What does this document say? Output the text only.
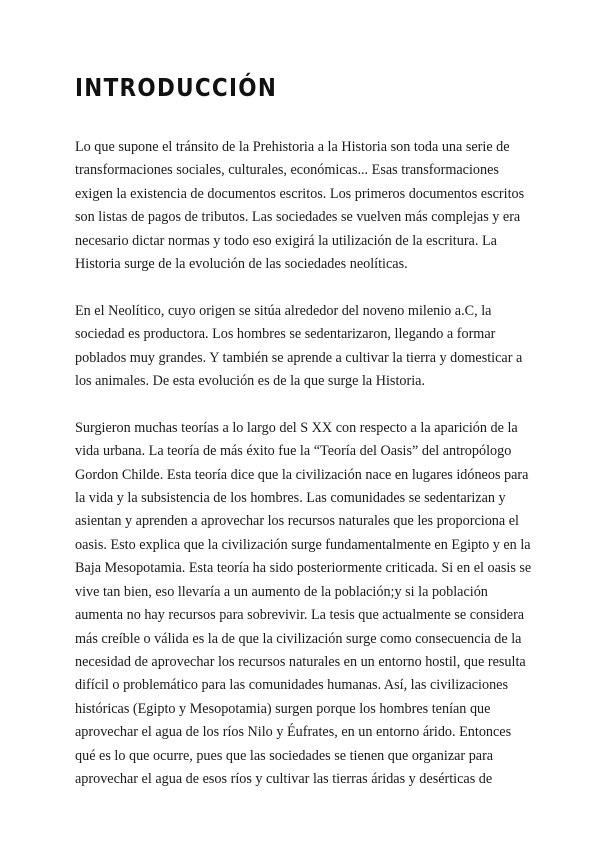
INTRODUCCIÓN

Lo que supone el tránsito de la Prehistoria a la Historia son toda una serie de
transformaciones sociales, culturales, económicas... Esas transformaciones
exigen la existencia de documentos escritos. Los primeros documentos escritos
son listas de pagos de tributos. Las sociedades se vuelven más complejas y era
necesario dictar normas y todo eso exigirá la utilización de la escritura. La
Historia surge de la evolución de las sociedades neolíticas.

En el Neolítico, cuyo origen se sitúa alrededor del noveno milenio a.C, la
sociedad es productora. Los hombres se sedentarizaron, llegando a formar
poblados muy grandes. Y también se aprende a cultivar la tierra y domesticar a
los animales. De esta evolución es de la que surge la Historia.

Surgieron muchas teorías a lo largo del S XX con respecto a la aparición de la
vida urbana. La teoría de más éxito fue la “Teoría del Oasis” del antropólogo
Gordon Childe. Esta teoría dice que la civilización nace en lugares idóneos para
la vida y la subsistencia de los hombres. Las comunidades se sedentarizan y
asientan y aprenden a aprovechar los recursos naturales que les proporciona el
oasis. Esto explica que la civilización surge fundamentalmente en Egipto y en la
Baja Mesopotamia. Esta teoría ha sido posteriormente criticada. Si en el oasis se
vive tan bien, eso llevaría a un aumento de la población;y si la población
aumenta no hay recursos para sobrevivir. La tesis que actualmente se considera
más creíble o válida es la de que la civilización surge como consecuencia de la
necesidad de aprovechar los recursos naturales en un entorno hostil, que resulta
difícil o problemático para las comunidades humanas. Así, las civilizaciones
históricas (Egipto y Mesopotamia) surgen porque los hombres tenían que
aprovechar el agua de los ríos Nilo y Éufrates, en un entorno árido. Entonces
qué es lo que ocurre, pues que las sociedades se tienen que organizar para
aprovechar el agua de esos ríos y cultivar las tierras áridas y desérticas de
